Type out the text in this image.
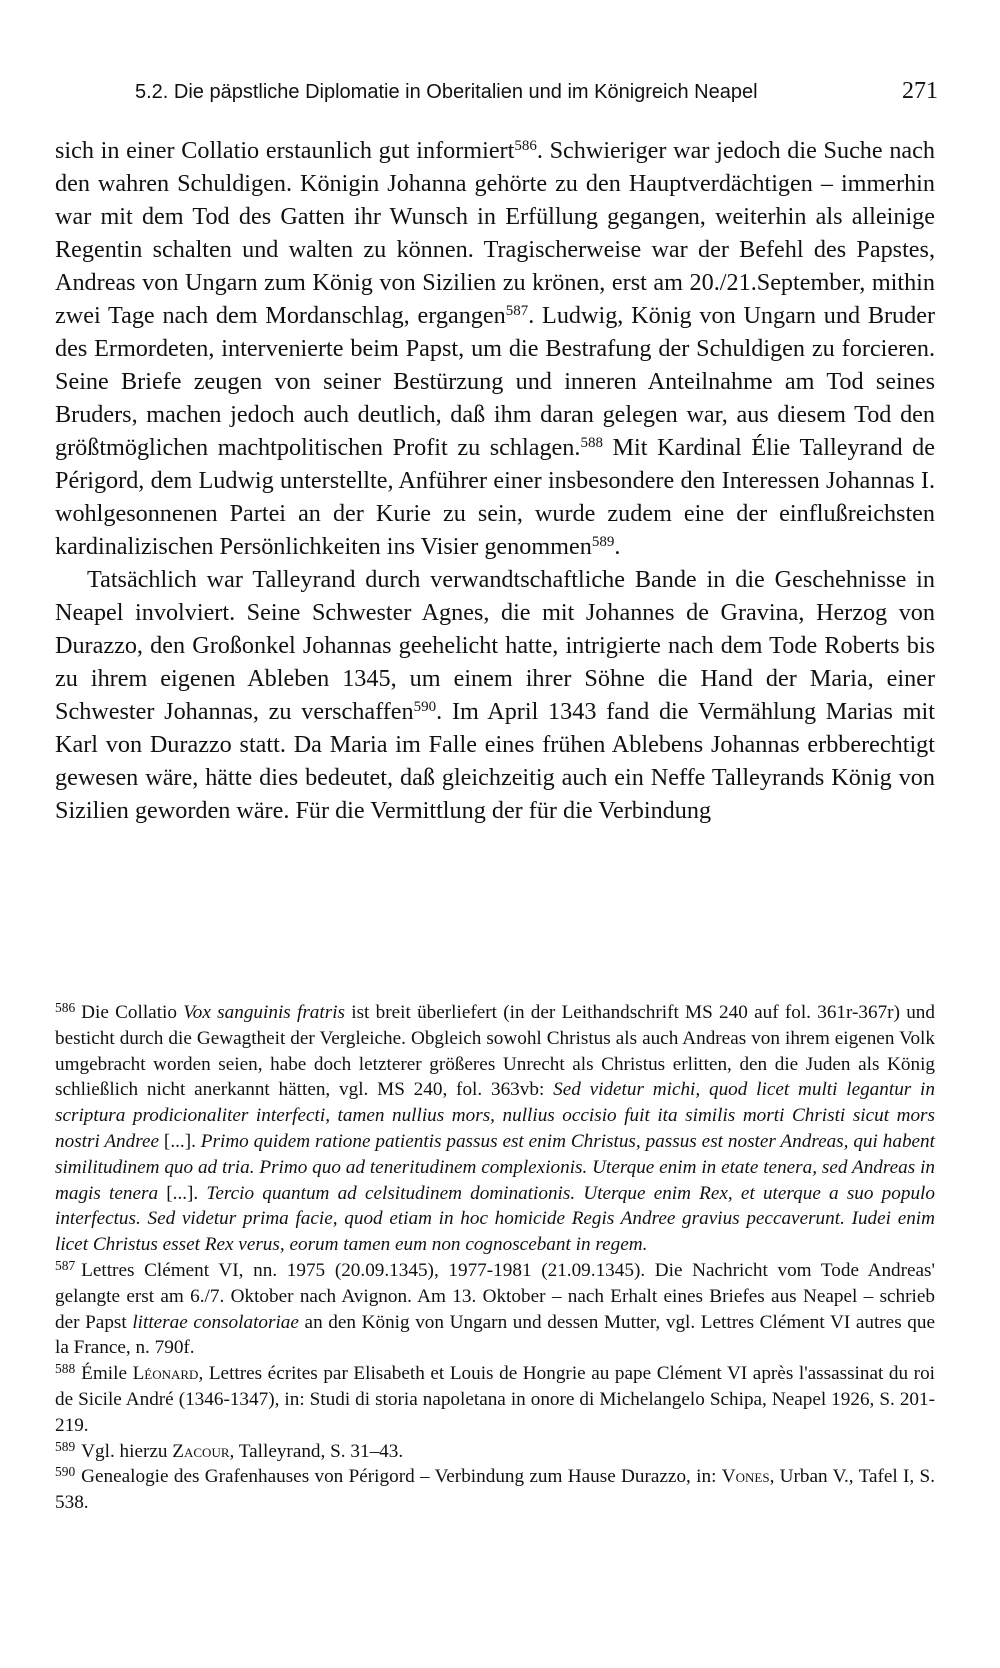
5.2. Die päpstliche Diplomatie in Oberitalien und im Königreich Neapel	271

sich in einer Collatio erstaunlich gut informiert$^{586}$. Schwieriger war jedoch die Suche nach den wahren Schuldigen. Königin Johanna gehörte zu den Hauptverdächtigen – immerhin war mit dem Tod des Gatten ihr Wunsch in Erfüllung gegangen, weiterhin als alleinige Regentin schalten und walten zu können. Tragischerweise war der Befehl des Papstes, Andreas von Ungarn zum König von Sizilien zu krönen, erst am 20./21.September, mithin zwei Tage nach dem Mordanschlag, ergangen$^{587}$. Ludwig, König von Ungarn und Bruder des Ermordeten, intervenierte beim Papst, um die Bestrafung der Schuldigen zu forcieren. Seine Briefe zeugen von seiner Bestürzung und inneren Anteilnahme am Tod seines Bruders, machen jedoch auch deutlich, daß ihm daran gelegen war, aus diesem Tod den größtmöglichen machtpolitischen Profit zu schlagen.$^{588}$ Mit Kardinal Élie Talleyrand de Périgord, dem Ludwig unterstellte, Anführer einer insbesondere den Interessen Johannas I. wohlgesonnenen Partei an der Kurie zu sein, wurde zudem eine der einflußreichsten kardinalizischen Persönlichkeiten ins Visier genommen$^{589}$.

Tatsächlich war Talleyrand durch verwandtschaftliche Bande in die Geschehnisse in Neapel involviert. Seine Schwester Agnes, die mit Johannes de Gravina, Herzog von Durazzo, den Großonkel Johannas geehelicht hatte, intrigierte nach dem Tode Roberts bis zu ihrem eigenen Ableben 1345, um einem ihrer Söhne die Hand der Maria, einer Schwester Johannas, zu verschaffen$^{590}$. Im April 1343 fand die Vermählung Marias mit Karl von Durazzo statt. Da Maria im Falle eines frühen Ablebens Johannas erbberechtigt gewesen wäre, hätte dies bedeutet, daß gleichzeitig auch ein Neffe Talleyrands König von Sizilien geworden wäre. Für die Vermittlung der für die Verbindung

$^{586}$ Die Collatio Vox sanguinis fratris ist breit überliefert (in der Leithandschrift MS 240 auf fol. 361r-367r) und besticht durch die Gewagtheit der Vergleiche. Obgleich sowohl Christus als auch Andreas von ihrem eigenen Volk umgebracht worden seien, habe doch letzterer größeres Unrecht als Christus erlitten, den die Juden als König schließlich nicht anerkannt hätten, vgl. MS 240, fol. 363vb: Sed videtur michi, quod licet multi legantur in scriptura prodicionaliter interfecti, tamen nullius mors, nullius occisio fuit ita similis morti Christi sicut mors nostri Andree [...]. Primo quidem ratione patientis passus est enim Christus, passus est noster Andreas, qui habent similitudinem quo ad tria. Primo quo ad teneritudinem complexionis. Uterque enim in etate tenera, sed Andreas in magis tenera [...]. Tercio quantum ad celsitudinem dominationis. Uterque enim Rex, et uterque a suo populo interfectus. Sed videtur prima facie, quod etiam in hoc homicide Regis Andree gravius peccaverunt. Iudei enim licet Christus esset Rex verus, eorum tamen eum non cognoscebant in regem.

$^{587}$ Lettres Clément VI, nn. 1975 (20.09.1345), 1977-1981 (21.09.1345). Die Nachricht vom Tode Andreas' gelangte erst am 6./7. Oktober nach Avignon. Am 13. Oktober – nach Erhalt eines Briefes aus Neapel – schrieb der Papst litterae consolatoriae an den König von Ungarn und dessen Mutter, vgl. Lettres Clément VI autres que la France, n. 790f.

$^{588}$ Émile Léonard, Lettres écrites par Elisabeth et Louis de Hongrie au pape Clément VI après l'assassinat du roi de Sicile André (1346-1347), in: Studi di storia napoletana in onore di Michelangelo Schipa, Neapel 1926, S. 201-219.

$^{589}$ Vgl. hierzu Zacour, Talleyrand, S. 31–43.

$^{590}$ Genealogie des Grafenhauses von Périgord – Verbindung zum Hause Durazzo, in: Vones, Urban V., Tafel I, S. 538.
